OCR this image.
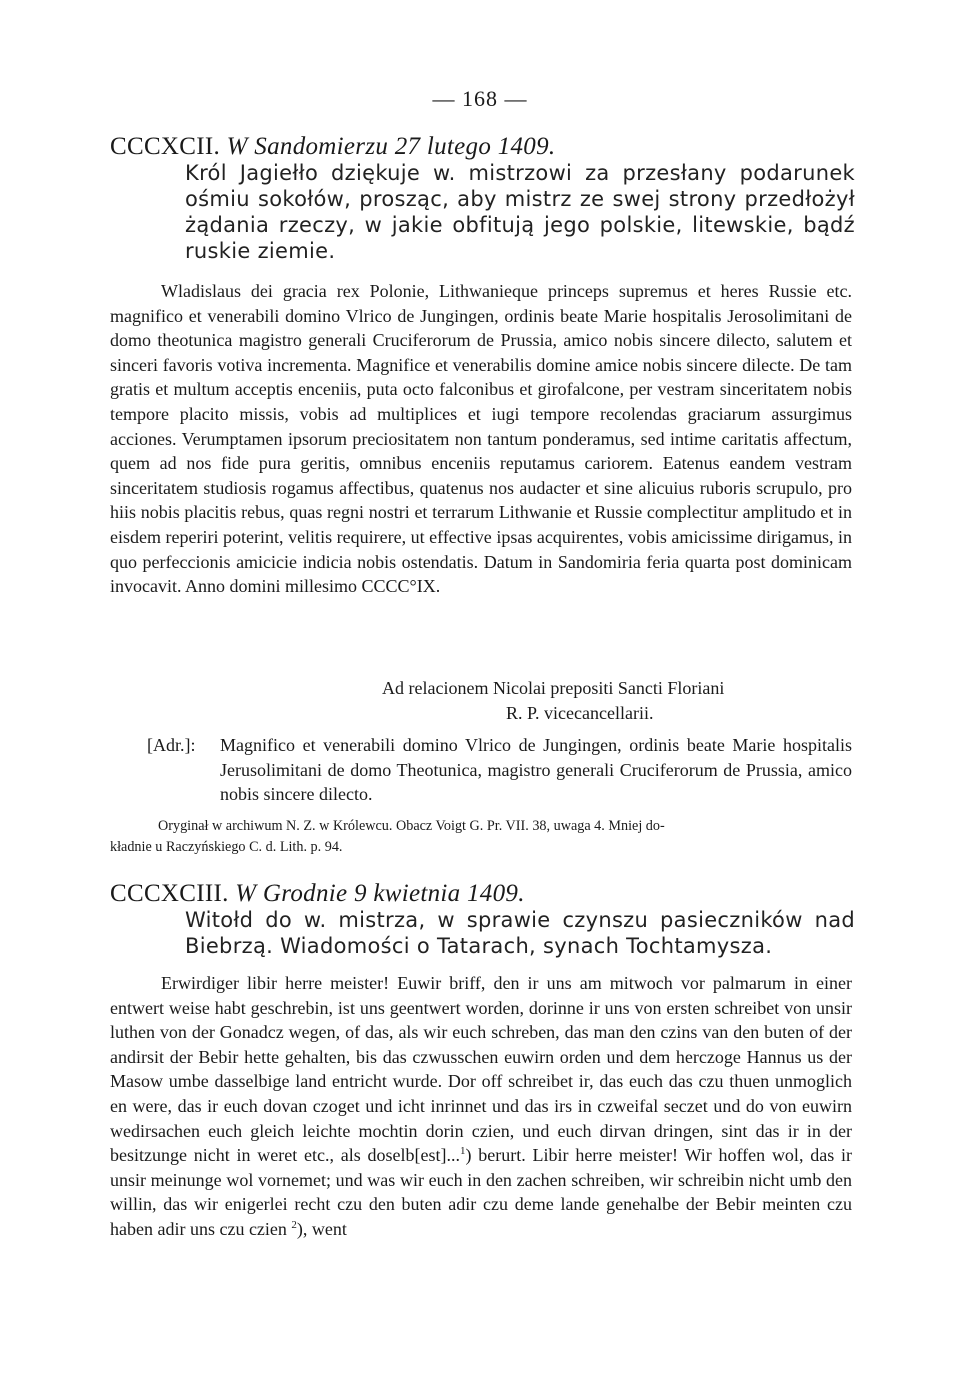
— 168 —
CCCXCII. W Sandomierzu 27 lutego 1409.
Król Jagiełło dziękuje w. mistrzowi za przesłany podarunek ośmiu sokołów, prosząc, aby mistrz ze swej strony przedłożył żądania rzeczy, w jakie obfitują jego polskie, litewskie, bądź ruskie ziemie.

Wladislaus dei gracia rex Polonie, Lithwanieque princeps supremus et heres Russie etc. magnifico et venerabili domino Vlrico de Jungingen, ordinis beate Marie hospitalis Jerosolimitani de domo theotunica magistro generali Cruciferorum de Prussia, amico nobis sincere dilecto, salutem et sinceri favoris votiva incrementa. Magnifice et venerabilis domine amice nobis sincere dilecte. De tam gratis et multum acceptis enceniis, puta octo falconibus et girofalcone, per vestram sinceritatem nobis tempore placito missis, vobis ad multiplices et iugi tempore recolendas graciarum assurgimus acciones. Verumptamen ipsorum preciositatem non tantum ponderamus, sed intime caritatis affectum, quem ad nos fide pura geritis, omnibus enceniis reputamus cariorem. Eatenus eandem vestram sinceritatem studiosis rogamus affectibus, quatenus nos audacter et sine alicuius ruboris scrupulo, pro hiis nobis placitis rebus, quas regni nostri et terrarum Lithwanie et Russie complectitur amplitudo et in eisdem reperiri poterint, velitis requirere, ut effective ipsas acquirentes, vobis amicissime dirigamus, in quo perfeccionis amicicie indicia nobis ostendatis. Datum in Sandomiria feria quarta post dominicam invocavit. Anno domini millesimo CCCC°IX.

Ad relacionem Nicolai prepositi Sancti Floriani
R. P. vicecancellarii.
[Adr.]:	Magnifico et venerabili domino Vlrico de Jungingen, ordinis beate Marie hospitalis Jerusolimitani de domo Theotunica, magistro generali Cruciferorum de Prussia, amico nobis sincere dilecto.
Oryginał w archiwum N. Z. w Królewcu. Obacz Voigt G. Pr. VII. 38, uwaga 4. Mniej do-
kładnie u Raczyńskiego C. d. Lith. p. 94.
CCCXCIII. W Grodnie 9 kwietnia 1409.
Witołd do w. mistrza, w sprawie czynszu pasieczników nad Biebrzą. Wiadomości o Tatarach, synach Tochtamysza.

Erwirdiger libir herre meister! Euwir briff, den ir uns am mitwoch vor palmarum in einer entwert weise habt geschrebin, ist uns geentwert worden, dorinne ir uns von ersten schreibet von unsir luthen von der Gonadcz wegen, of das, als wir euch schreben, das man den czins van den buten of der andirsit der Bebir hette gehalten, bis das czwusschen euwirn orden und dem herczoge Hannus us der Masow umbe dasselbige land entricht wurde. Dor off schreibet ir, das euch das czu thuen unmoglich en were, das ir euch dovan czoget und icht inrinnet und das irs in czweifal seczet und do von euwirn wedirsachen euch gleich leichte mochtin dorin czien, und euch dirvan dringen, sint das ir in der besitzunge nicht in weret etc., als doselb[est]...$^1$) berurt. Libir herre meister! Wir hoffen wol, das ir unsir meinunge wol vornemet; und was wir euch in den zachen schreiben, wir schreibin nicht umb den willin, das wir enigerlei recht czu den buten adir czu deme lande genehalbe der Bebir meinten czu haben adir uns czu czien $^2$), went
